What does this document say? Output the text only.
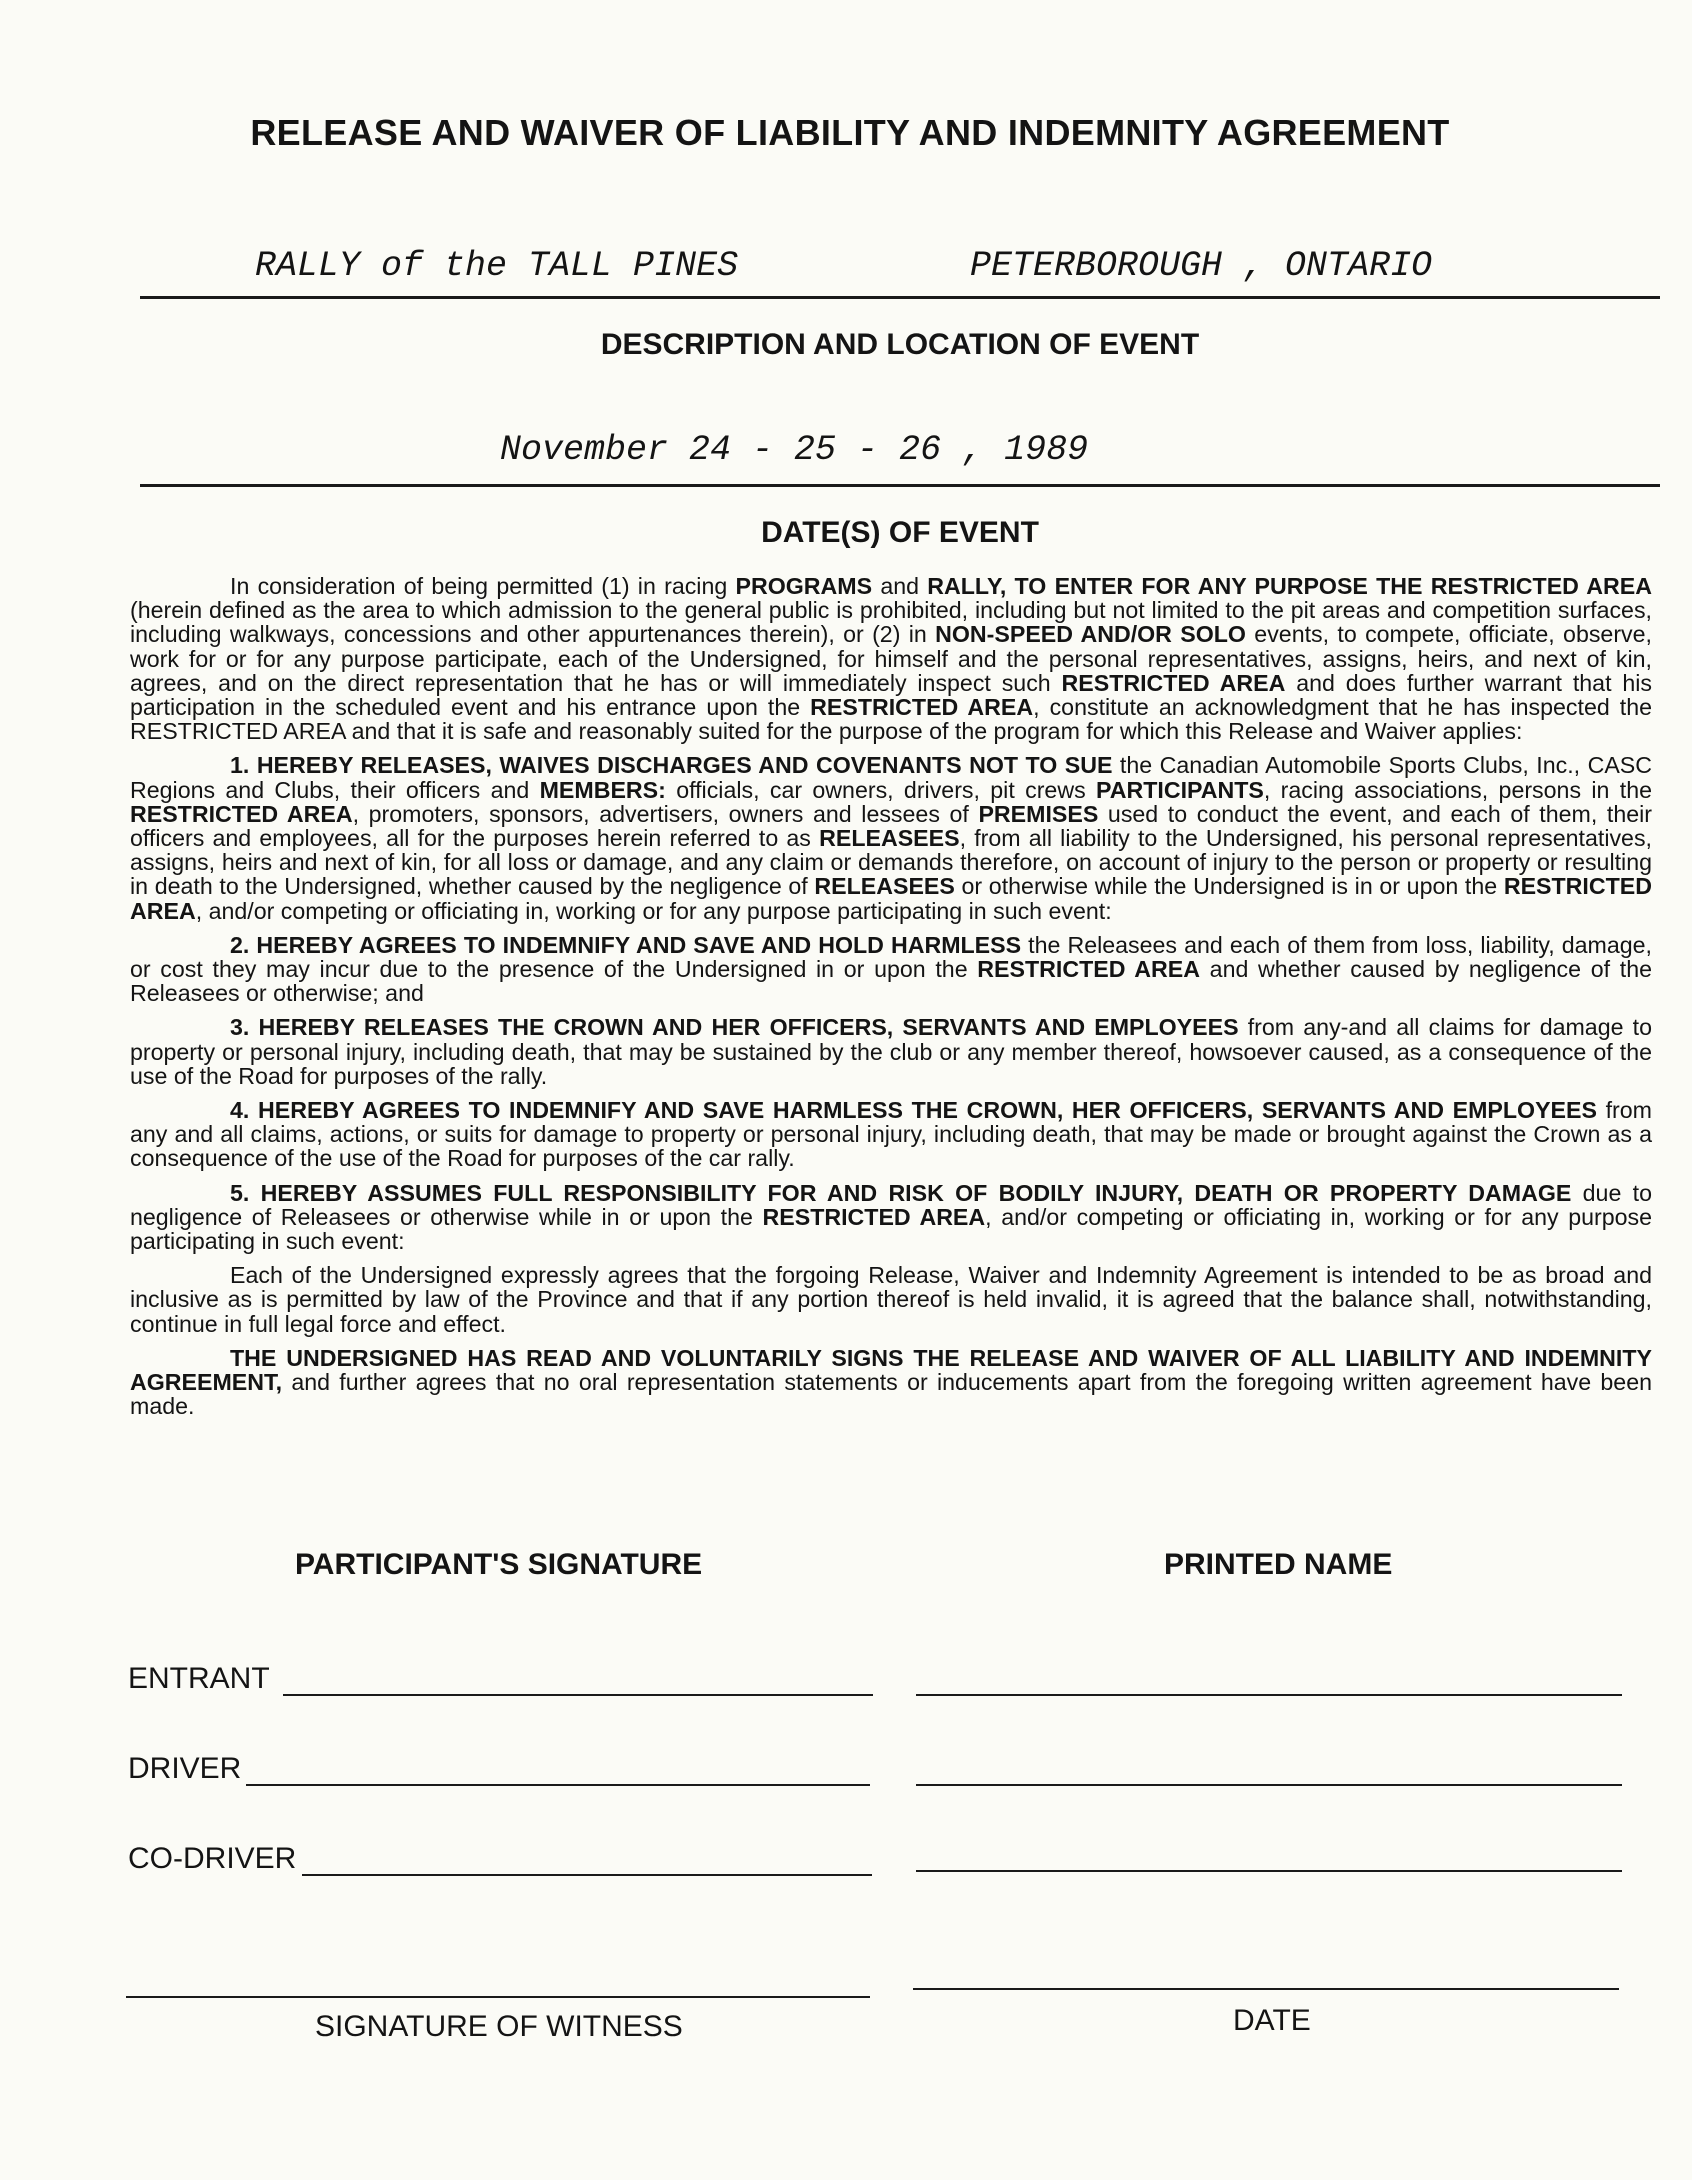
RELEASE AND WAIVER OF LIABILITY AND INDEMNITY AGREEMENT
RALLY of the TALL PINES	PETERBOROUGH , ONTARIO
DESCRIPTION AND LOCATION OF EVENT
November 24 - 25 - 26 , 1989
DATE(S) OF EVENT

In consideration of being permitted (1) in racing PROGRAMS and RALLY, TO ENTER FOR ANY PURPOSE THE RESTRICTED AREA (herein defined as the area to which admission to the general public is prohibited, including but not limited to the pit areas and competition surfaces, including walkways, concessions and other appurtenances therein), or (2) in NON-SPEED AND/OR SOLO events, to compete, officiate, observe, work for or for any purpose participate, each of the Undersigned, for himself and the personal representatives, assigns, heirs, and next of kin, agrees, and on the direct representation that he has or will immediately inspect such RESTRICTED AREA and does further warrant that his participation in the scheduled event and his entrance upon the RESTRICTED AREA, constitute an acknowledgment that he has inspected the RESTRICTED AREA and that it is safe and reasonably suited for the purpose of the program for which this Release and Waiver applies:

1. HEREBY RELEASES, WAIVES DISCHARGES AND COVENANTS NOT TO SUE the Canadian Automobile Sports Clubs, Inc., CASC Regions and Clubs, their officers and MEMBERS: officials, car owners, drivers, pit crews PARTICIPANTS, racing associations, persons in the RESTRICTED AREA, promoters, sponsors, advertisers, owners and lessees of PREMISES used to conduct the event, and each of them, their officers and employees, all for the purposes herein referred to as RELEASEES, from all liability to the Undersigned, his personal representatives, assigns, heirs and next of kin, for all loss or damage, and any claim or demands therefore, on account of injury to the person or property or resulting in death to the Undersigned, whether caused by the negligence of RELEASEES or otherwise while the Undersigned is in or upon the RESTRICTED AREA, and/or competing or officiating in, working or for any purpose participating in such event:

2. HEREBY AGREES TO INDEMNIFY AND SAVE AND HOLD HARMLESS the Releasees and each of them from loss, liability, damage, or cost they may incur due to the presence of the Undersigned in or upon the RESTRICTED AREA and whether caused by negligence of the Releasees or otherwise; and

3. HEREBY RELEASES THE CROWN AND HER OFFICERS, SERVANTS AND EMPLOYEES from any-and all claims for damage to property or personal injury, including death, that may be sustained by the club or any member thereof, howsoever caused, as a consequence of the use of the Road for purposes of the rally.

4. HEREBY AGREES TO INDEMNIFY AND SAVE HARMLESS THE CROWN, HER OFFICERS, SERVANTS AND EMPLOYEES from any and all claims, actions, or suits for damage to property or personal injury, including death, that may be made or brought against the Crown as a consequence of the use of the Road for purposes of the car rally.

5. HEREBY ASSUMES FULL RESPONSIBILITY FOR AND RISK OF BODILY INJURY, DEATH OR PROPERTY DAMAGE due to negligence of Releasees or otherwise while in or upon the RESTRICTED AREA, and/or competing or officiating in, working or for any purpose participating in such event:

Each of the Undersigned expressly agrees that the forgoing Release, Waiver and Indemnity Agreement is intended to be as broad and inclusive as is permitted by law of the Province and that if any portion thereof is held invalid, it is agreed that the balance shall, notwithstanding, continue in full legal force and effect.

THE UNDERSIGNED HAS READ AND VOLUNTARILY SIGNS THE RELEASE AND WAIVER OF ALL LIABILITY AND INDEMNITY AGREEMENT, and further agrees that no oral representation statements or inducements apart from the foregoing written agreement have been made.

PARTICIPANT'S SIGNATURE	PRINTED NAME
ENTRANT
DRIVER
CO-DRIVER
SIGNATURE OF WITNESS	DATE
